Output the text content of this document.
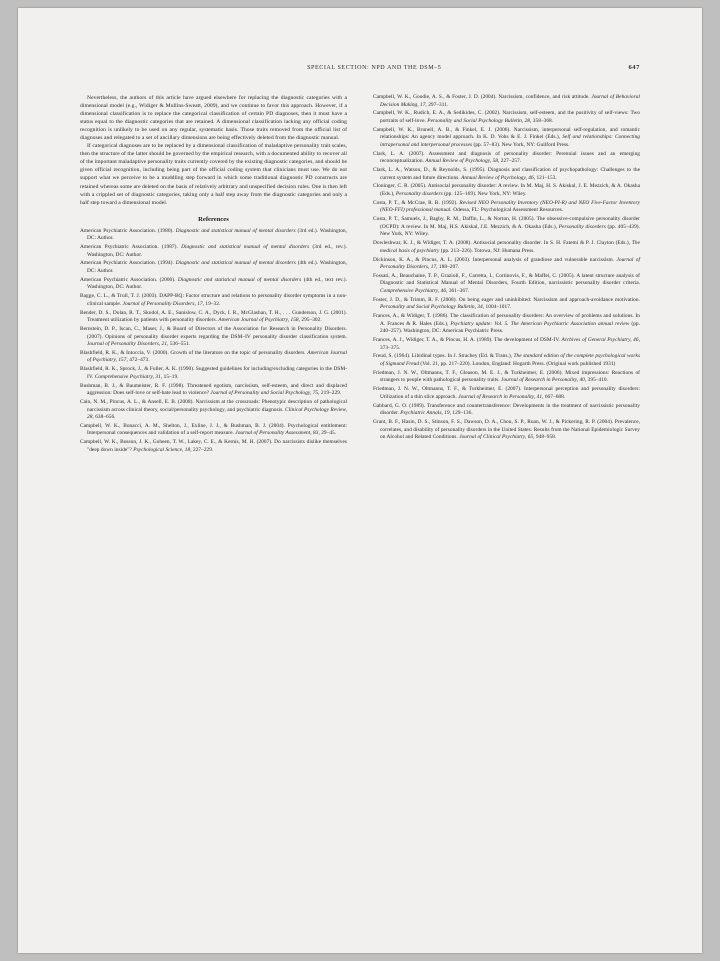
SPECIAL SECTION: NPD AND THE DSM–5	647

Nevertheless, the authors of this article have argued elsewhere for replacing the diagnostic categories with a dimensional model (e.g., Widiger & Mullins-Sweatt, 2009), and we continue to favor this approach. However, if a dimensional classification is to replace the categorical classification of certain PD diagnoses, then it must have a status equal to the diagnostic categories that are retained. A dimensional classification lacking any official coding recognition is unlikely to be used on any regular, systematic basis. Those traits removed from the official list of diagnoses and relegated to a set of ancillary dimensions are being effectively deleted from the diagnostic manual.

If categorical diagnoses are to be replaced by a dimensional classification of maladaptive personality trait scales, then the structure of the latter should be governed by the empirical research, with a documented ability to recover all of the important maladaptive personality traits currently covered by the existing diagnostic categories, and should be given official recognition, including being part of the official coding system that clinicians must use. We do not support what we perceive to be a muddling step forward in which some traditional diagnostic PD constructs are retained whereas some are deleted on the basis of relatively arbitrary and unspecified decision rules. One is then left with a crippled set of diagnostic categories, taking only a half step away from the diagnostic categories and only a half step toward a dimensional model.

References

American Psychiatric Association. (1980). Diagnostic and statistical manual of mental disorders (3rd ed.). Washington, DC: Author.

American Psychiatric Association. (1987). Diagnostic and statistical manual of mental disorders (3rd ed., rev.). Washington, DC: Author.

American Psychiatric Association. (1994). Diagnostic and statistical manual of mental disorders (4th ed.). Washington, DC: Author.

American Psychiatric Association. (2000). Diagnostic and statistical manual of mental disorders (4th ed., text rev.). Washington, DC: Author.

Bagge, C. L., & Trull, T. J. (2003). DAPP-BQ: Factor structure and relations to personality disorder symptoms in a non-clinical sample. Journal of Personality Disorders, 17, 19–32.

Bender, D. S., Dolan, R. T., Skodol, A. E., Sanislow, C. A., Dyck, I. R., McGlashan, T. H., . . . Gunderson, J. G. (2001). Treatment utilization by patients with personality disorders. American Journal of Psychiatry, 158, 295–302.

Bernstein, D. P., Iscan, C., Maser, J., & Board of Directors of the Association for Research in Personality Disorders. (2007). Opinions of personality disorder experts regarding the DSM–IV personality disorder classification system. Journal of Personality Disorders, 21, 536–551.

Blashfield, R. K., & Intoccia, V. (2000). Growth of the literature on the topic of personality disorders. American Journal of Psychiatry, 157, 472–473.

Blashfield, R. K., Sprock, J., & Fuller, A. K. (1990). Suggested guidelines for including/excluding categories in the DSM-IV. Comprehensive Psychiatry, 31, 15–19.

Bushman, B. J., & Baumeister, R. F. (1998). Threatened egotism, narcissism, self-esteem, and direct and displaced aggression: Does self-love or self-hate lead to violence? Journal of Personality and Social Psychology, 75, 219–229.

Cain, N. M., Pincus, A. L., & Ansell, E. B. (2008). Narcissism at the crossroads: Phenotypic description of pathological narcissism across clinical theory, social/personality psychology, and psychiatric diagnosis. Clinical Psychology Review, 28, 638–656.

Campbell, W. K., Bonacci, A. M., Shelton, J., Exline, J. J., & Bushman, B. J. (2004). Psychological entitlement: Interpersonal consequences and validation of a self-report measure. Journal of Personality Assessment, 83, 29–45.

Campbell, W. K., Bosson, J. K., Goheen, T. W., Lakey, C. E., & Kernis, M. H. (2007). Do narcissists dislike themselves "deep down inside"? Psychological Science, 18, 227–229.

Campbell, W. K., Goodie, A. S., & Foster, J. D. (2004). Narcissism, confidence, and risk attitude. Journal of Behavioral Decision Making, 17, 297–311.

Campbell, W. K., Rudich, E. A., & Sedikides, C. (2002). Narcissism, self-esteem, and the positivity of self-views: Two portraits of self-love. Personality and Social Psychology Bulletin, 28, 358–368.

Campbell, W. K., Brunell, A. B., & Finkel, E. J. (2006). Narcissism, interpersonal self-regulation, and romantic relationships: An agency model approach. In K. D. Vohs & E. J. Finkel (Eds.), Self and relationships: Connecting intrapersonal and interpersonal processes (pp. 57–83). New York, NY: Guilford Press.

Clark, L. A. (2007). Assessment and diagnosis of personality disorder: Perennial issues and an emerging reconceptualization. Annual Review of Psychology, 58, 227–257.

Clark, L. A., Watson, D., & Reynolds, S. (1995). Diagnosis and classification of psychopathology: Challenges to the current system and future directions. Annual Review of Psychology, 46, 121–153.

Cloninger, C. R. (2005). Antisocial personality disorder: A review. In M. Maj, H. S. Akiskal, J. E. Mezzich, & A. Okasha (Eds.), Personality disorders (pp. 125–169). New York, NY: Wiley.

Costa, P. T., & McCrae, R. R. (1992). Revised NEO Personality Inventory (NEO-PI-R) and NEO Five-Factor Inventory (NEO-FFI) professional manual. Odessa, FL: Psychological Assessment Resources.

Costa, P. T., Samuels, J., Bagby, R. M., Daffin, L., & Norton, H. (2005). The obsessive-compulsive personality disorder (OCPD): A review. In M. Maj, H.S. Akiskal, J.E. Mezzich, & A. Okasha (Eds.), Personality disorders (pp. 405–439). New York, NY: Wiley.

Dowleshwar, K. J., & Widiger, T. A. (2008). Antisocial personality disorder. In S. H. Fatemi & P. J. Clayton (Eds.), The medical basis of psychiatry (pp. 213–226). Totowa, NJ: Humana Press.

Dickinson, K. A., & Pincus, A. L. (2003). Interpersonal analysis of grandiose and vulnerable narcissism. Journal of Personality Disorders, 17, 188–207.

Fossati, A., Beauchaine, T. P., Grazioli, F., Carretta, I., Cortinovis, F., & Maffei, C. (2005). A latent structure analysis of Diagnostic and Statistical Manual of Mental Disorders, Fourth Edition, narcissistic personality disorder criteria. Comprehensive Psychiatry, 46, 361–367.

Foster, J. D., & Trimm, R. F. (2008). On being eager and uninhibited: Narcissism and approach-avoidance motivation. Personality and Social Psychology Bulletin, 34, 1004–1017.

Frances, A., & Widiger, T. (1986). The classification of personality disorders: An overview of problems and solutions. In A. Frances & R. Hales (Eds.), Psychiatry update: Vol. 5. The American Psychiatric Association annual review (pp. 240–257). Washington, DC: American Psychiatric Press.

Frances, A. J., Widiger, T. A., & Pincus, H. A. (1989). The development of DSM-IV. Archives of General Psychiatry, 46, 373–375.

Freud, S. (1964). Libidinal types. In J. Strachey (Ed. & Trans.), The standard edition of the complete psychological works of Sigmund Freud (Vol. 21, pp. 217–220). London, England: Hogarth Press. (Original work published 1931)

Friedman, J. N. W., Oltmanns, T. F., Gleason, M. E. J., & Turkheimer, E. (2006). Mixed impressions: Reactions of strangers to people with pathological personality traits. Journal of Research in Personality, 40, 395–410.

Friedman, J. N. W., Oltmanns, T. F., & Turkheimer, E. (2007). Interpersonal perception and personality disorders: Utilization of a thin slice approach. Journal of Research in Personality, 41, 667–688.

Gabbard, G. O. (1989). Transference and countertransference: Developments in the treatment of narcissistic personality disorder. Psychiatric Annals, 19, 129–136.

Grant, B. F., Hasin, D. S., Stinson, F. S., Dawson, D. A., Chou, S. P., Ruan, W. J., & Pickering, R. P. (2004). Prevalence, correlates, and disability of personality disorders in the United States: Results from the National Epidemiologic Survey on Alcohol and Related Conditions. Journal of Clinical Psychiatry, 65, 948–958.
